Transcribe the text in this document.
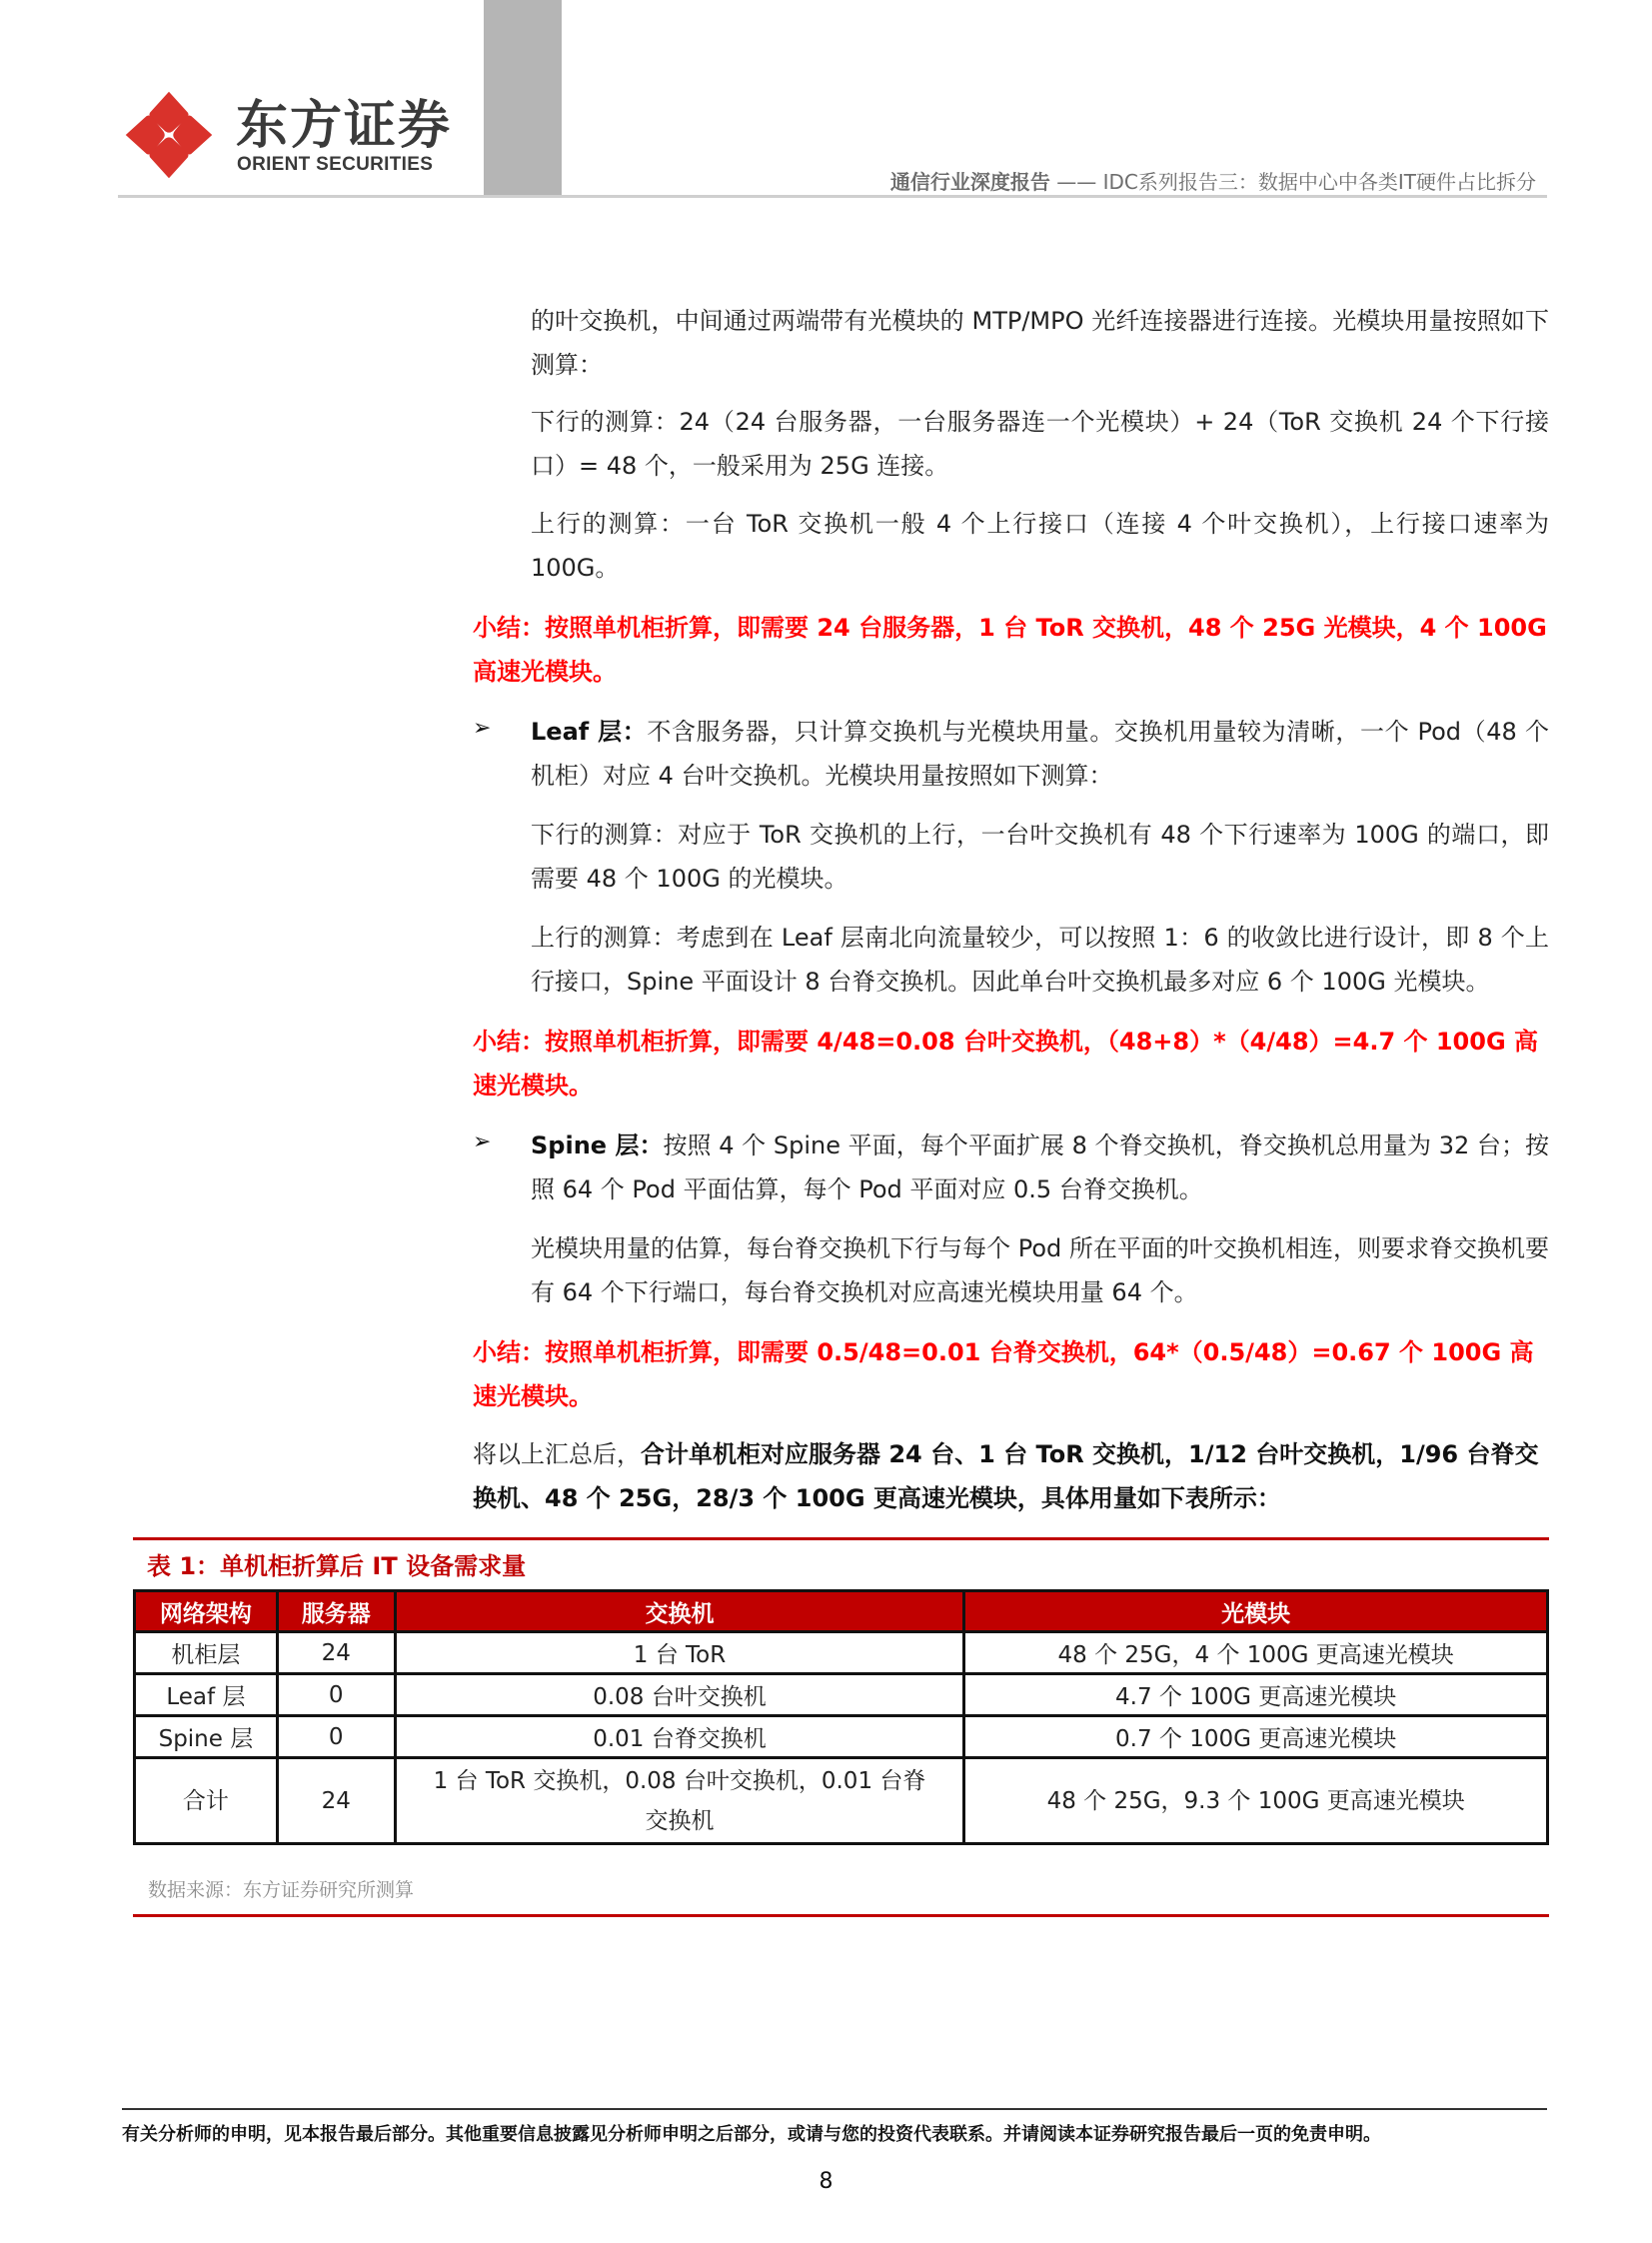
东方证券
ORIENT SECURITIES
通信行业深度报告 —— IDC系列报告三：数据中心中各类IT硬件占比拆分
的叶交换机，中间通过两端带有光模块的 MTP/MPO 光纤连接器进行连接。光模块用量按照如下测算：
下行的测算：24（24 台服务器，一台服务器连一个光模块）+ 24（ToR 交换机 24 个下行接口）= 48 个，一般采用为 25G 连接。
上行的测算：一台 ToR 交换机一般 4 个上行接口（连接 4 个叶交换机），上行接口速率为 100G。
小结：按照单机柜折算，即需要 24 台服务器，1 台 ToR 交换机，48 个 25G 光模块，4 个 100G 高速光模块。
➢ Leaf 层：不含服务器，只计算交换机与光模块用量。交换机用量较为清晰，一个 Pod（48 个机柜）对应 4 台叶交换机。光模块用量按照如下测算：
下行的测算：对应于 ToR 交换机的上行，一台叶交换机有 48 个下行速率为 100G 的端口，即需要 48 个 100G 的光模块。
上行的测算：考虑到在 Leaf 层南北向流量较少，可以按照 1：6 的收敛比进行设计，即 8 个上行接口，Spine 平面设计 8 台脊交换机。因此单台叶交换机最多对应 6 个 100G 光模块。
小结：按照单机柜折算，即需要 4/48=0.08 台叶交换机，（48+8）*（4/48）=4.7 个 100G 高速光模块。
➢ Spine 层：按照 4 个 Spine 平面，每个平面扩展 8 个脊交换机，脊交换机总用量为 32 台；按照 64 个 Pod 平面估算，每个 Pod 平面对应 0.5 台脊交换机。
光模块用量的估算，每台脊交换机下行与每个 Pod 所在平面的叶交换机相连，则要求脊交换机要有 64 个下行端口，每台脊交换机对应高速光模块用量 64 个。
小结：按照单机柜折算，即需要 0.5/48=0.01 台脊交换机，64*（0.5/48）=0.67 个 100G 高速光模块。
将以上汇总后，合计单机柜对应服务器 24 台、1 台 ToR 交换机，1/12 台叶交换机，1/96 台脊交换机、48 个 25G，28/3 个 100G 更高速光模块，具体用量如下表所示：
表 1：单机柜折算后 IT 设备需求量
网络架构	服务器	交换机	光模块
机柜层	24	1 台 ToR	48 个 25G，4 个 100G 更高速光模块
Leaf 层	0	0.08 台叶交换机	4.7 个 100G 更高速光模块
Spine 层	0	0.01 台脊交换机	0.7 个 100G 更高速光模块
合计	24	1 台 ToR 交换机，0.08 台叶交换机，0.01 台脊交换机	48 个 25G，9.3 个 100G 更高速光模块
数据来源：东方证券研究所测算
有关分析师的申明，见本报告最后部分。其他重要信息披露见分析师申明之后部分，或请与您的投资代表联系。并请阅读本证券研究报告最后一页的免责申明。
8
